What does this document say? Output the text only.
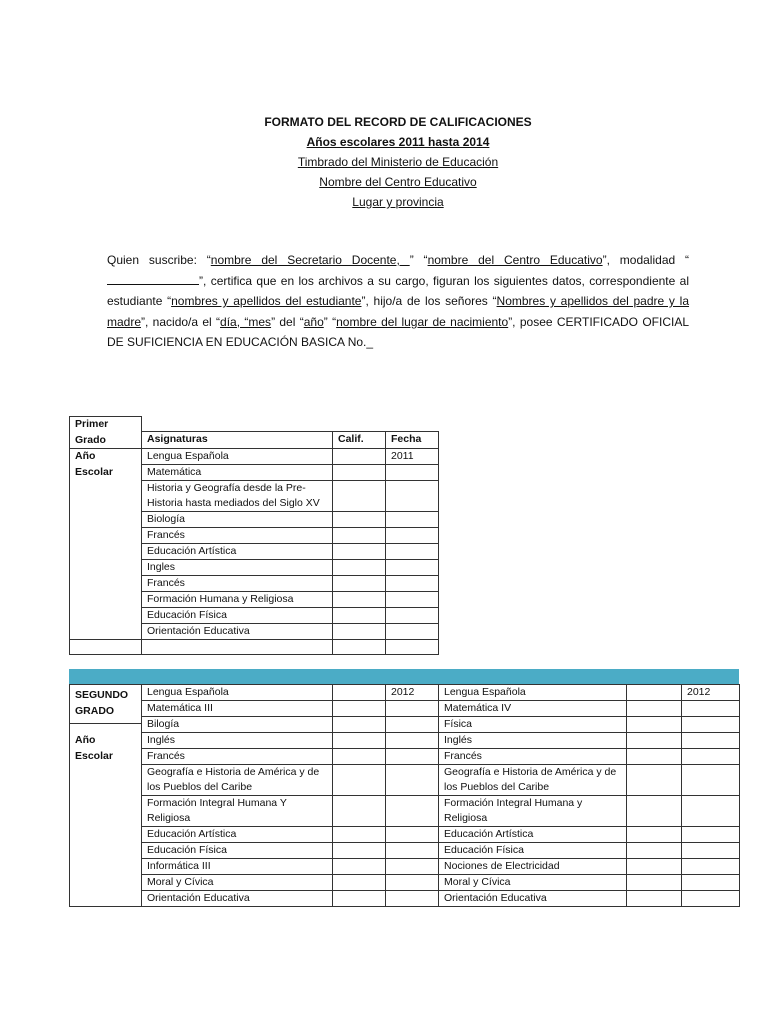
FORMATO DEL RECORD DE CALIFICACIONES
Años escolares 2011 hasta 2014
Timbrado del Ministerio de Educación
Nombre del Centro Educativo
Lugar y provincia
Quien suscribe: “nombre del Secretario Docente, ” “nombre del Centro Educativo”, modalidad “”, certifica que en los archivos a su cargo, figuran los siguientes datos, correspondiente al estudiante “nombres y apellidos del estudiante”, hijo/a de los señores “Nombres y apellidos del padre y la madre”, nacido/a el “día, “mes” del “año” “nombre del lugar de nacimiento”, posee CERTIFICADO OFICIAL DE SUFICIENCIA EN EDUCACIÓN BASICA No._
Primer Grado			
	Asignaturas	Calif.	Fecha
Año Escolar	Lengua Española		2011
	Matemática		
	Historia y Geografía desde la Pre-Historia hasta mediados del Siglo XV		
	Biología		
	Francés		
	Educación Artística		
	Ingles		
	Francés		
	Formación Humana y Religiosa		
	Educación Física		
	Orientación Educativa		

SEGUNDO GRADO
Año Escolar	Lengua Española		2012	Lengua Española		2012
	Matemática III			Matemática IV		
	Bilogía			Física		
	Inglés			Inglés		
	Francés			Francés		
	Geografía e Historia de América y de los Pueblos del Caribe			Geografía e Historia de América y de los Pueblos del Caribe		
	Formación Integral Humana Y Religiosa			Formación Integral Humana y Religiosa		
	Educación Artística			Educación Artística		
	Educación Física			Educación Física		
	Informática III			Nociones de Electricidad		
	Moral y Cívica			Moral y Cívica		
	Orientación Educativa			Orientación Educativa		
